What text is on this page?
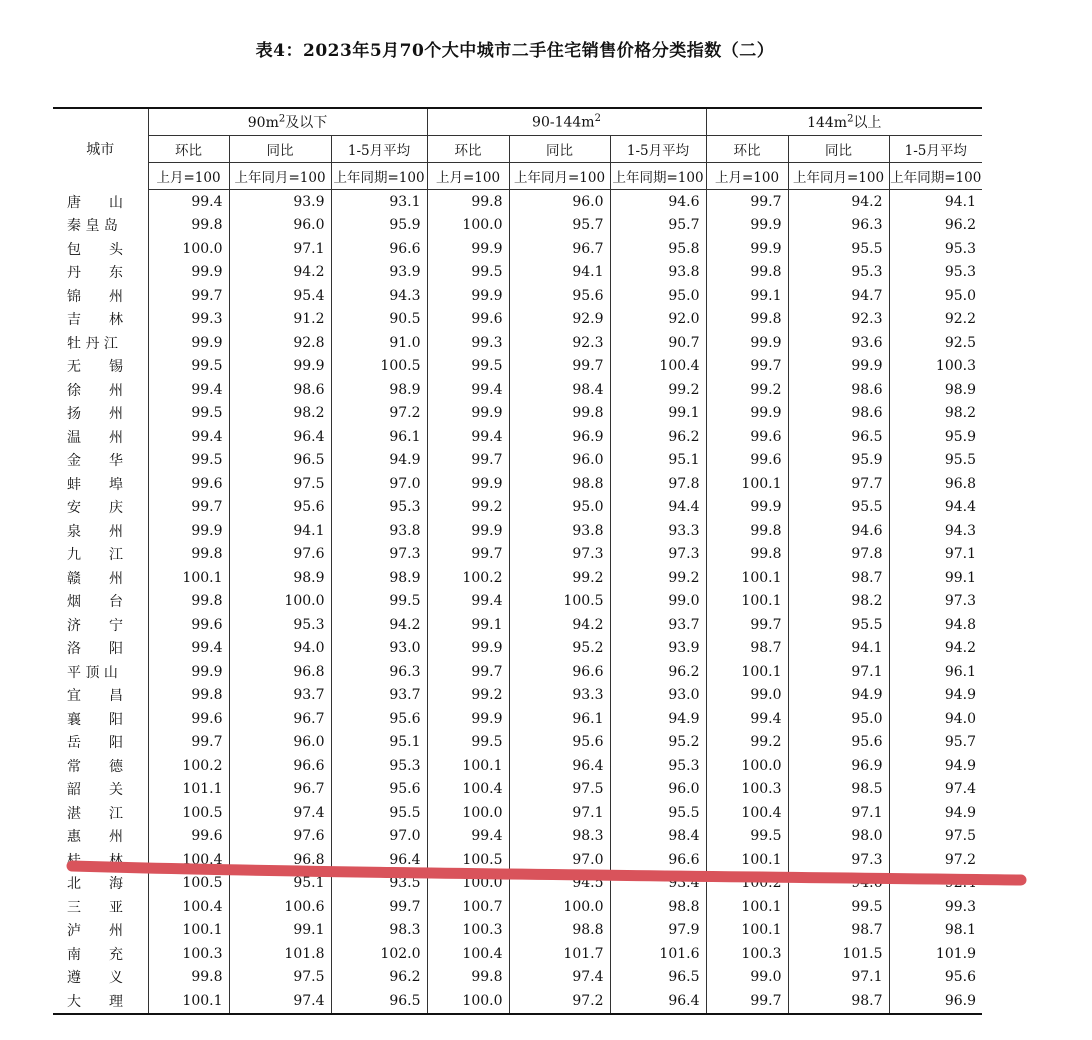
表4：2023年5月70个大中城市二手住宅销售价格分类指数（二）
城市	$90m^2$及以下			$90-144m^2$			$144m^2$以上		
	环比	同比	1-5月平均	环比	同比	1-5月平均	环比	同比	1-5月平均
	上月=100	上年同月=100	上年同期=100	上月=100	上年同月=100	上年同期=100	上月=100	上年同月=100	上年同期=100
唐　　山	99.4	93.9	93.1	99.8	96.0	94.6	99.7	94.2	94.1
秦 皇 岛	99.8	96.0	95.9	100.0	95.7	95.7	99.9	96.3	96.2
包　　头	100.0	97.1	96.6	99.9	96.7	95.8	99.9	95.5	95.3
丹　　东	99.9	94.2	93.9	99.5	94.1	93.8	99.8	95.3	95.3
锦　　州	99.7	95.4	94.3	99.9	95.6	95.0	99.1	94.7	95.0
吉　　林	99.3	91.2	90.5	99.6	92.9	92.0	99.8	92.3	92.2
牡 丹 江	99.9	92.8	91.0	99.3	92.3	90.7	99.9	93.6	92.5
无　　锡	99.5	99.9	100.5	99.5	99.7	100.4	99.7	99.9	100.3
徐　　州	99.4	98.6	98.9	99.4	98.4	99.2	99.2	98.6	98.9
扬　　州	99.5	98.2	97.2	99.9	99.8	99.1	99.9	98.6	98.2
温　　州	99.4	96.4	96.1	99.4	96.9	96.2	99.6	96.5	95.9
金　　华	99.5	96.5	94.9	99.7	96.0	95.1	99.6	95.9	95.5
蚌　　埠	99.6	97.5	97.0	99.9	98.8	97.8	100.1	97.7	96.8
安　　庆	99.7	95.6	95.3	99.2	95.0	94.4	99.9	95.5	94.4
泉　　州	99.9	94.1	93.8	99.9	93.8	93.3	99.8	94.6	94.3
九　　江	99.8	97.6	97.3	99.7	97.3	97.3	99.8	97.8	97.1
赣　　州	100.1	98.9	98.9	100.2	99.2	99.2	100.1	98.7	99.1
烟　　台	99.8	100.0	99.5	99.4	100.5	99.0	100.1	98.2	97.3
济　　宁	99.6	95.3	94.2	99.1	94.2	93.7	99.7	95.5	94.8
洛　　阳	99.4	94.0	93.0	99.9	95.2	93.9	98.7	94.1	94.2
平 顶 山	99.9	96.8	96.3	99.7	96.6	96.2	100.1	97.1	96.1
宜　　昌	99.8	93.7	93.7	99.2	93.3	93.0	99.0	94.9	94.9
襄　　阳	99.6	96.7	95.6	99.9	96.1	94.9	99.4	95.0	94.0
岳　　阳	99.7	96.0	95.1	99.5	95.6	95.2	99.2	95.6	95.7
常　　德	100.2	96.6	95.3	100.1	96.4	95.3	100.0	96.9	94.9
韶　　关	101.1	96.7	95.6	100.4	97.5	96.0	100.3	98.5	97.4
湛　　江	100.5	97.4	95.5	100.0	97.1	95.5	100.4	97.1	94.9
惠　　州	99.6	97.6	97.0	99.4	98.3	98.4	99.5	98.0	97.5
桂　　林	100.4	96.8	96.4	100.5	97.0	96.6	100.1	97.3	97.2
北　　海	100.5	95.1	93.5	100.0	94.5	93.4	100.2	94.6	92.4
三　　亚	100.4	100.6	99.7	100.7	100.0	98.8	100.1	99.5	99.3
泸　　州	100.1	99.1	98.3	100.3	98.8	97.9	100.1	98.7	98.1
南　　充	100.3	101.8	102.0	100.4	101.7	101.6	100.3	101.5	101.9
遵　　义	99.8	97.5	96.2	99.8	97.4	96.5	99.0	97.1	95.6
大　　理	100.1	97.4	96.5	100.0	97.2	96.4	99.7	98.7	96.9
